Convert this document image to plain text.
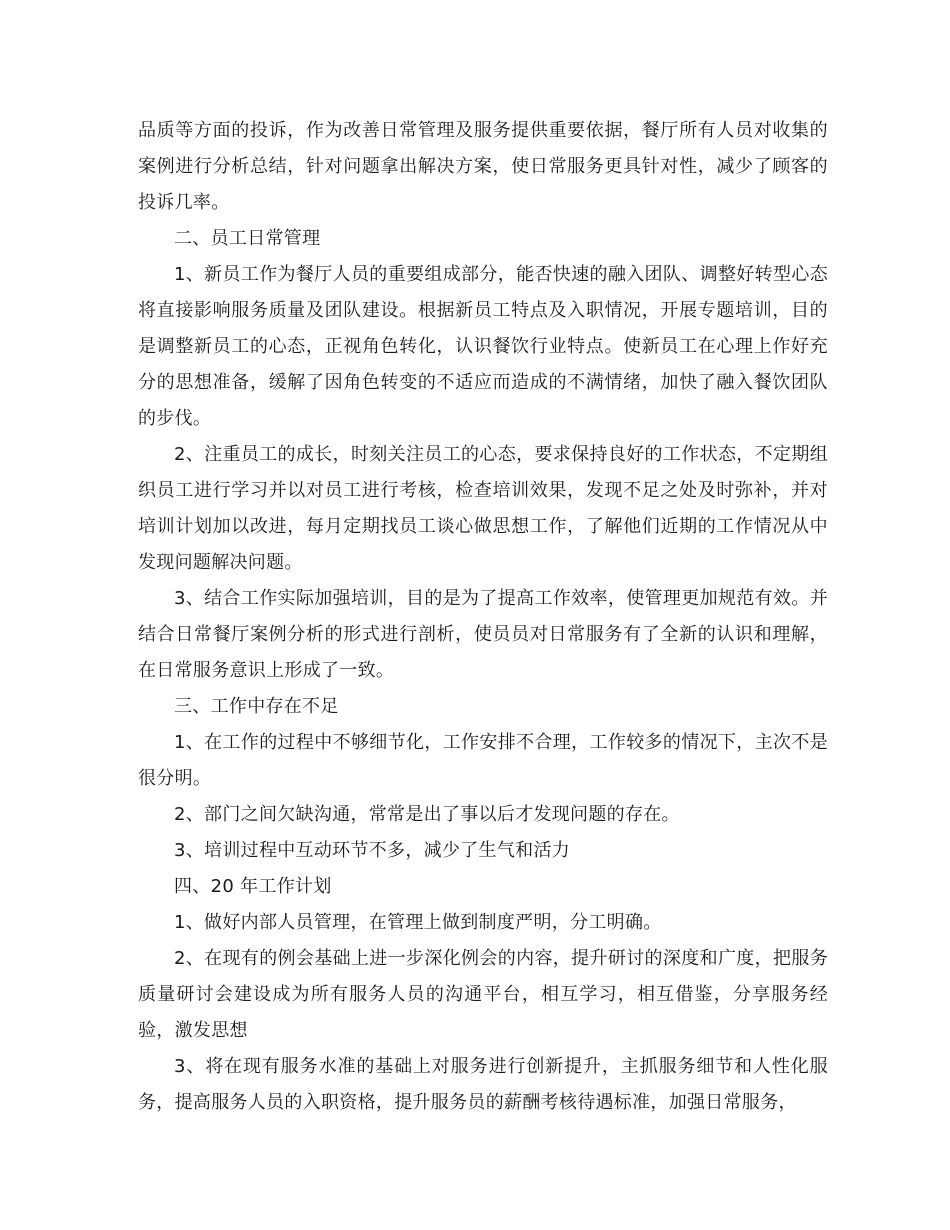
品质等方面的投诉，作为改善日常管理及服务提供重要依据，餐厅所有人员对收集的案例进行分析总结，针对问题拿出解决方案，使日常服务更具针对性，减少了顾客的投诉几率。

二、员工日常管理

1、新员工作为餐厅人员的重要组成部分，能否快速的融入团队、调整好转型心态将直接影响服务质量及团队建设。根据新员工特点及入职情况，开展专题培训，目的是调整新员工的心态，正视角色转化，认识餐饮行业特点。使新员工在心理上作好充分的思想准备，缓解了因角色转变的不适应而造成的不满情绪，加快了融入餐饮团队的步伐。

2、注重员工的成长，时刻关注员工的心态，要求保持良好的工作状态，不定期组织员工进行学习并以对员工进行考核，检查培训效果，发现不足之处及时弥补，并对培训计划加以改进，每月定期找员工谈心做思想工作，了解他们近期的工作情况从中发现问题解决问题。

3、结合工作实际加强培训，目的是为了提高工作效率，使管理更加规范有效。并结合日常餐厅案例分析的形式进行剖析，使员员对日常服务有了全新的认识和理解，在日常服务意识上形成了一致。

三、工作中存在不足

1、在工作的过程中不够细节化，工作安排不合理，工作较多的情况下，主次不是很分明。

2、部门之间欠缺沟通，常常是出了事以后才发现问题的存在。

3、培训过程中互动环节不多，减少了生气和活力

四、20 年工作计划

1、做好内部人员管理，在管理上做到制度严明，分工明确。

2、在现有的例会基础上进一步深化例会的内容，提升研讨的深度和广度，把服务质量研讨会建设成为所有服务人员的沟通平台，相互学习，相互借鉴，分享服务经验，激发思想

3、将在现有服务水准的基础上对服务进行创新提升，主抓服务细节和人性化服务，提高服务人员的入职资格，提升服务员的薪酬考核待遇标准，加强日常服务，
